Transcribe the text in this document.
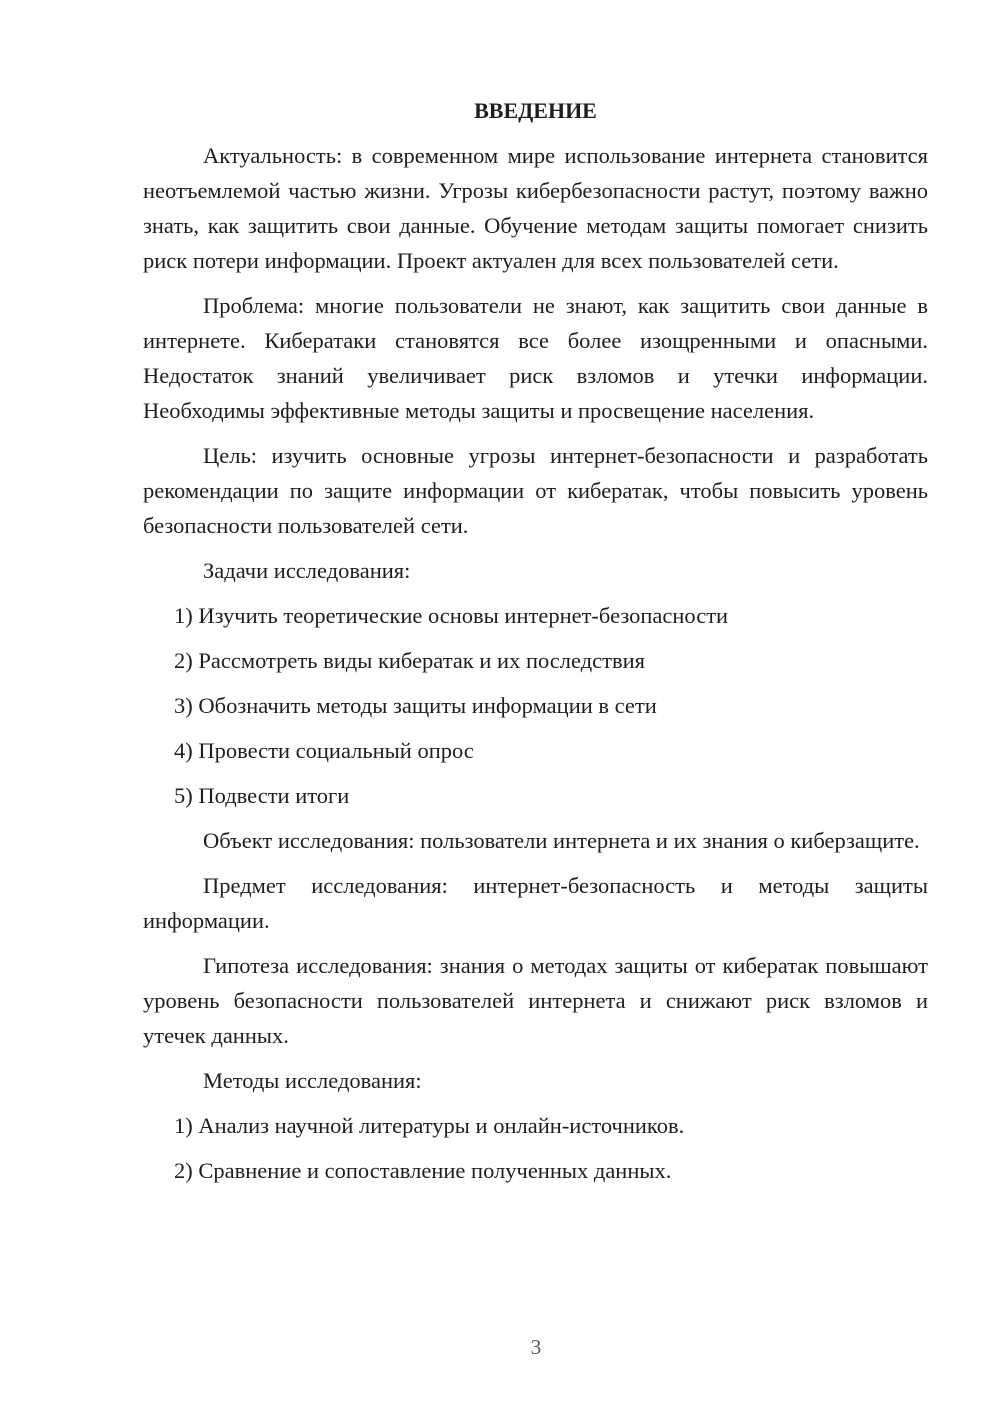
ВВЕДЕНИЕ

Актуальность: в современном мире использование интернета становится неотъемлемой частью жизни. Угрозы кибербезопасности растут, поэтому важно знать, как защитить свои данные. Обучение методам защиты помогает снизить риск потери информации. Проект актуален для всех пользователей сети.

Проблема: многие пользователи не знают, как защитить свои данные в интернете. Кибератаки становятся все более изощренными и опасными. Недостаток знаний увеличивает риск взломов и утечки информации. Необходимы эффективные методы защиты и просвещение населения.

Цель: изучить основные угрозы интернет-безопасности и разработать рекомендации по защите информации от кибератак, чтобы повысить уровень безопасности пользователей сети.

Задачи исследования:

1) Изучить теоретические основы интернет-безопасности
2) Рассмотреть виды кибератак и их последствия
3) Обозначить методы защиты информации в сети
4) Провести социальный опрос
5) Подвести итоги

Объект исследования: пользователи интернета и их знания о киберзащите.

Предмет исследования: интернет-безопасность и методы защиты информации.

Гипотеза исследования: знания о методах защиты от кибератак повышают уровень безопасности пользователей интернета и снижают риск взломов и утечек данных.

Методы исследования:

1) Анализ научной литературы и онлайн-источников.
2) Сравнение и сопоставление полученных данных.
3
